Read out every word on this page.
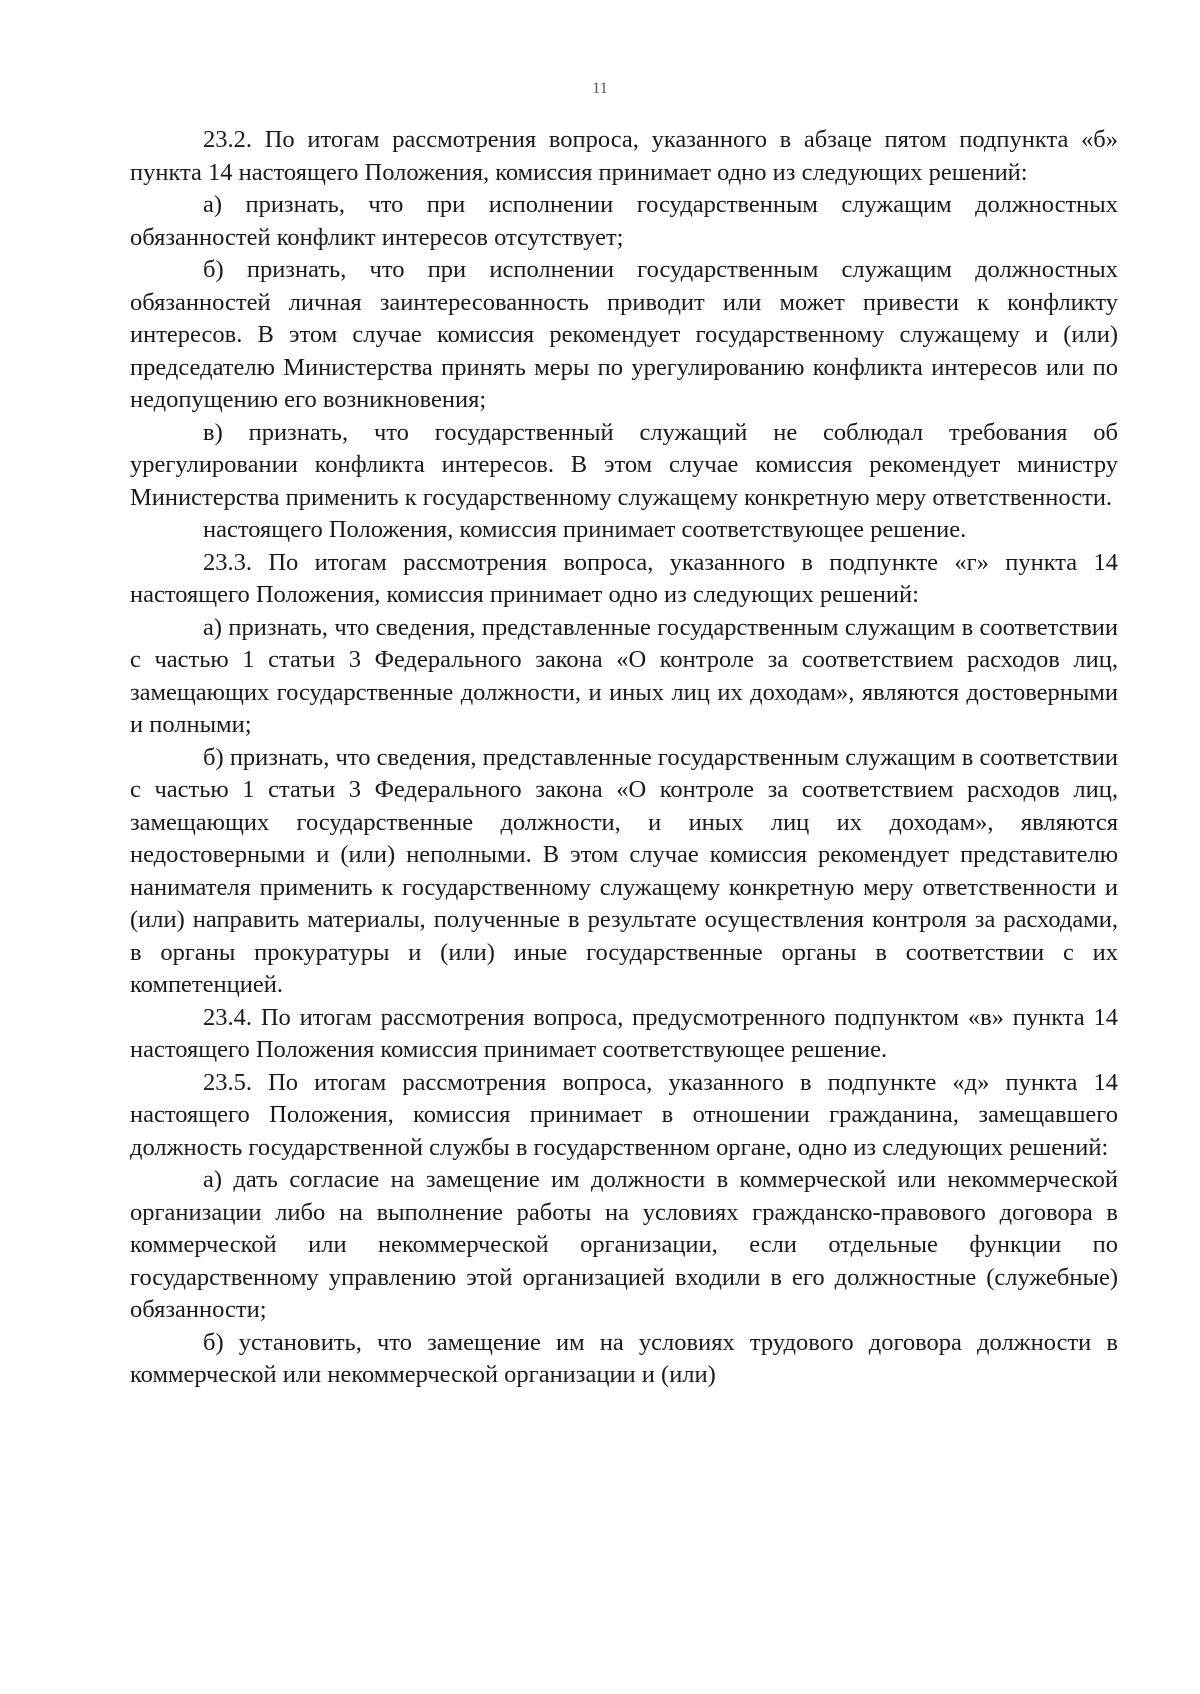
11

23.2. По итогам рассмотрения вопроса, указанного в абзаце пятом подпункта «б» пункта 14 настоящего Положения, комиссия принимает одно из следующих решений:

а) признать, что при исполнении государственным служащим должностных обязанностей конфликт интересов отсутствует;

б) признать, что при исполнении государственным служащим должностных обязанностей личная заинтересованность приводит или может привести к конфликту интересов. В этом случае комиссия рекомендует государственному служащему и (или) председателю Министерства принять меры по урегулированию конфликта интересов или по недопущению его возникновения;

в) признать, что государственный служащий не соблюдал требования об урегулировании конфликта интересов. В этом случае комиссия рекомендует министру Министерства применить к государственному служащему конкретную меру ответственности.

настоящего Положения, комиссия принимает соответствующее решение.

23.3. По итогам рассмотрения вопроса, указанного в подпункте «г» пункта 14 настоящего Положения, комиссия принимает одно из следующих решений:

а) признать, что сведения, представленные государственным служащим в соответствии с частью 1 статьи 3 Федерального закона «О контроле за соответствием расходов лиц, замещающих государственные должности, и иных лиц их доходам», являются достоверными и полными;

б) признать, что сведения, представленные государственным служащим в соответствии с частью 1 статьи 3 Федерального закона «О контроле за соответствием расходов лиц, замещающих государственные должности, и иных лиц их доходам», являются недостоверными и (или) неполными. В этом случае комиссия рекомендует представителю нанимателя применить к государственному служащему конкретную меру ответственности и (или) направить материалы, полученные в результате осуществления контроля за расходами, в органы прокуратуры и (или) иные государственные органы в соответствии с их компетенцией.

23.4. По итогам рассмотрения вопроса, предусмотренного подпунктом «в» пункта 14 настоящего Положения комиссия принимает соответствующее решение.

23.5. По итогам рассмотрения вопроса, указанного в подпункте «д» пункта 14 настоящего Положения, комиссия принимает в отношении гражданина, замещавшего должность государственной службы в государственном органе, одно из следующих решений:

а) дать согласие на замещение им должности в коммерческой или некоммерческой организации либо на выполнение работы на условиях гражданско-правового договора в коммерческой или некоммерческой организации, если отдельные функции по государственному управлению этой организацией входили в его должностные (служебные) обязанности;

б) установить, что замещение им на условиях трудового договора должности в коммерческой или некоммерческой организации и (или)
